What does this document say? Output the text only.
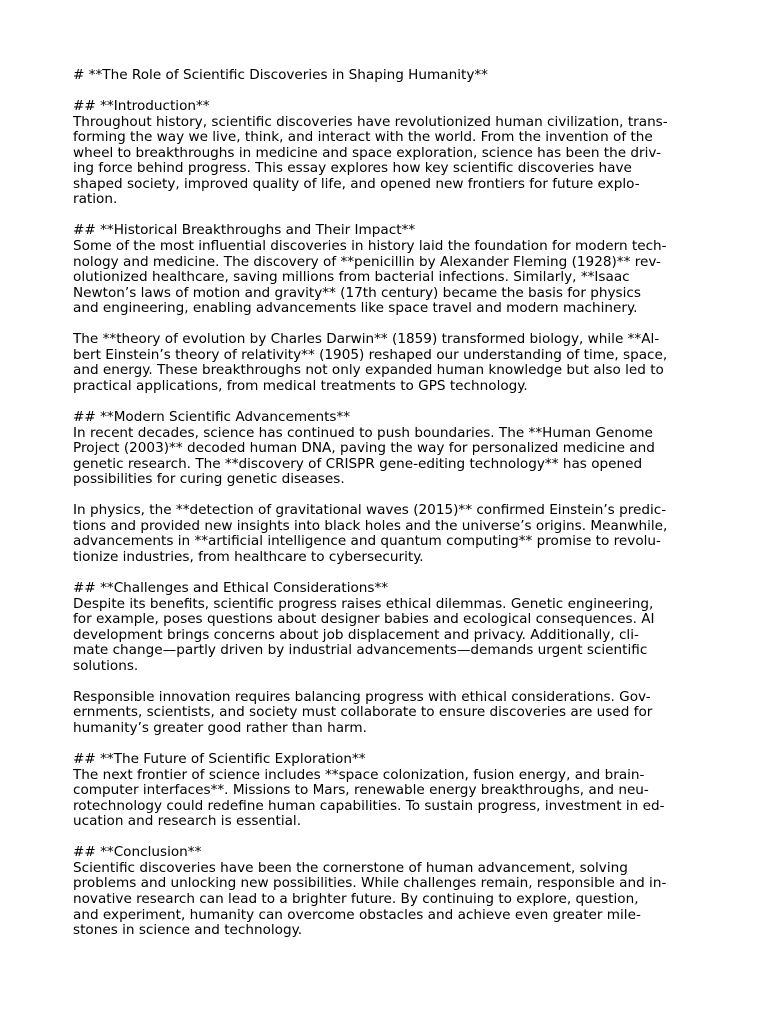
# **The Role of Scientific Discoveries in Shaping Humanity**
## **Introduction**
Throughout history, scientific discoveries have revolutionized human civilization, trans-
forming the way we live, think, and interact with the world. From the invention of the
wheel to breakthroughs in medicine and space exploration, science has been the driv-
ing force behind progress. This essay explores how key scientific discoveries have
shaped society, improved quality of life, and opened new frontiers for future explo-
ration.
## **Historical Breakthroughs and Their Impact**
Some of the most influential discoveries in history laid the foundation for modern tech-
nology and medicine. The discovery of **penicillin by Alexander Fleming (1928)** rev-
olutionized healthcare, saving millions from bacterial infections. Similarly, **Isaac
Newton’s laws of motion and gravity** (17th century) became the basis for physics
and engineering, enabling advancements like space travel and modern machinery.
The **theory of evolution by Charles Darwin** (1859) transformed biology, while **Al-
bert Einstein’s theory of relativity** (1905) reshaped our understanding of time, space,
and energy. These breakthroughs not only expanded human knowledge but also led to
practical applications, from medical treatments to GPS technology.
## **Modern Scientific Advancements**
In recent decades, science has continued to push boundaries. The **Human Genome
Project (2003)** decoded human DNA, paving the way for personalized medicine and
genetic research. The **discovery of CRISPR gene-editing technology** has opened
possibilities for curing genetic diseases.
In physics, the **detection of gravitational waves (2015)** confirmed Einstein’s predic-
tions and provided new insights into black holes and the universe’s origins. Meanwhile,
advancements in **artificial intelligence and quantum computing** promise to revolu-
tionize industries, from healthcare to cybersecurity.
## **Challenges and Ethical Considerations**
Despite its benefits, scientific progress raises ethical dilemmas. Genetic engineering,
for example, poses questions about designer babies and ecological consequences. AI
development brings concerns about job displacement and privacy. Additionally, cli-
mate change—partly driven by industrial advancements—demands urgent scientific
solutions.
Responsible innovation requires balancing progress with ethical considerations. Gov-
ernments, scientists, and society must collaborate to ensure discoveries are used for
humanity’s greater good rather than harm.
## **The Future of Scientific Exploration**
The next frontier of science includes **space colonization, fusion energy, and brain-
computer interfaces**. Missions to Mars, renewable energy breakthroughs, and neu-
rotechnology could redefine human capabilities. To sustain progress, investment in ed-
ucation and research is essential.
## **Conclusion**
Scientific discoveries have been the cornerstone of human advancement, solving
problems and unlocking new possibilities. While challenges remain, responsible and in-
novative research can lead to a brighter future. By continuing to explore, question,
and experiment, humanity can overcome obstacles and achieve even greater mile-
stones in science and technology.
